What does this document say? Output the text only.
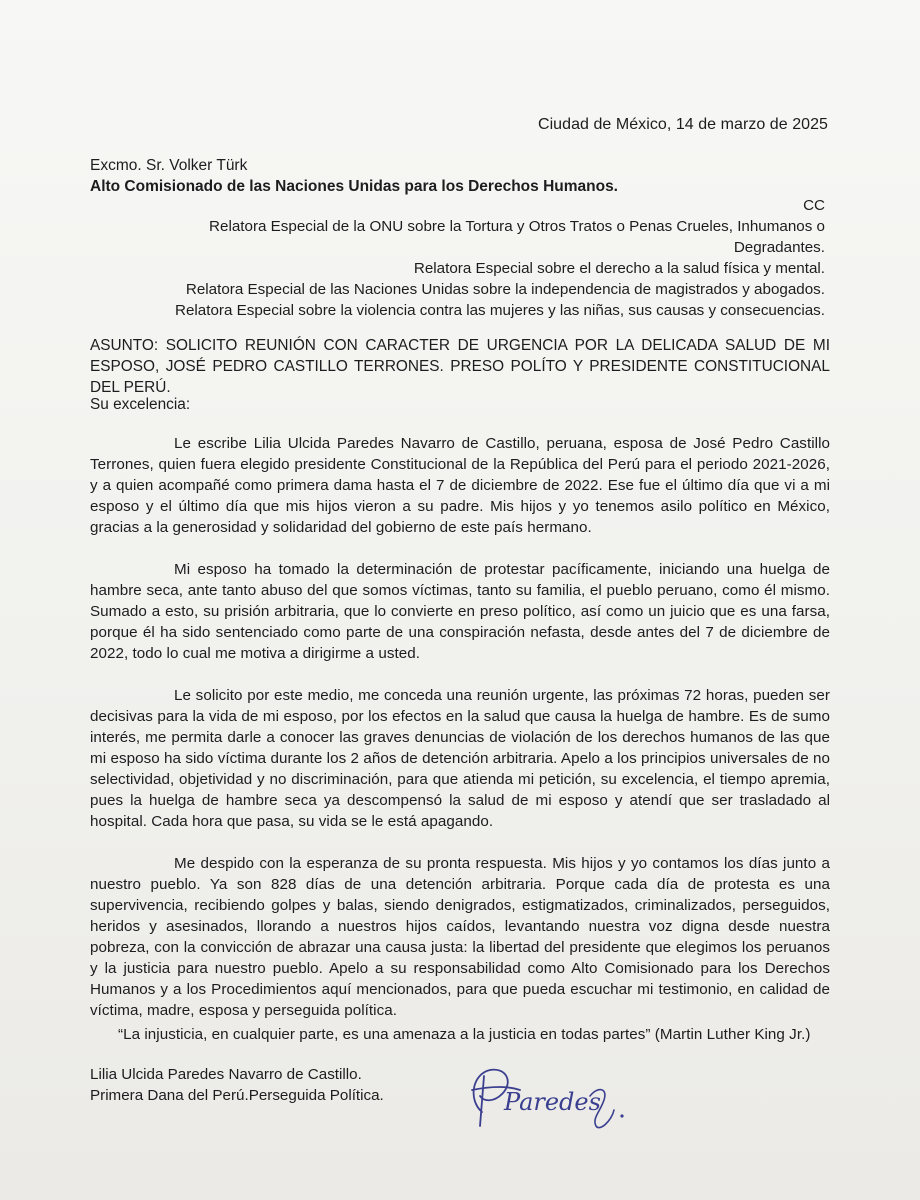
Ciudad de México, 14 de marzo de 2025
Excmo. Sr. Volker Türk
Alto Comisionado de las Naciones Unidas para los Derechos Humanos.
CC
Relatora Especial de la ONU sobre la Tortura y Otros Tratos o Penas Crueles, Inhumanos o
Degradantes.
Relatora Especial sobre el derecho a la salud física y mental.
Relatora Especial de las Naciones Unidas sobre la independencia de magistrados y abogados.
Relatora Especial sobre la violencia contra las mujeres y las niñas, sus causas y consecuencias.
ASUNTO: SOLICITO REUNIÓN CON CARACTER DE URGENCIA POR LA DELICADA SALUD DE MI ESPOSO, JOSÉ PEDRO CASTILLO TERRONES. PRESO POLÍTO Y PRESIDENTE CONSTITUCIONAL DEL PERÚ.
Su excelencia:

Le escribe Lilia Ulcida Paredes Navarro de Castillo, peruana, esposa de José Pedro Castillo Terrones, quien fuera elegido presidente Constitucional de la República del Perú para el periodo 2021-2026, y a quien acompañé como primera dama hasta el 7 de diciembre de 2022. Ese fue el último día que vi a mi esposo y el último día que mis hijos vieron a su padre. Mis hijos y yo tenemos asilo político en México, gracias a la generosidad y solidaridad del gobierno de este país hermano.

Mi esposo ha tomado la determinación de protestar pacíficamente, iniciando una huelga de hambre seca, ante tanto abuso del que somos víctimas, tanto su familia, el pueblo peruano, como él mismo. Sumado a esto, su prisión arbitraria, que lo convierte en preso político, así como un juicio que es una farsa, porque él ha sido sentenciado como parte de una conspiración nefasta, desde antes del 7 de diciembre de 2022, todo lo cual me motiva a dirigirme a usted.

Le solicito por este medio, me conceda una reunión urgente, las próximas 72 horas, pueden ser decisivas para la vida de mi esposo, por los efectos en la salud que causa la huelga de hambre. Es de sumo interés, me permita darle a conocer las graves denuncias de violación de los derechos humanos de las que mi esposo ha sido víctima durante los 2 años de detención arbitraria. Apelo a los principios universales de no selectividad, objetividad y no discriminación, para que atienda mi petición, su excelencia, el tiempo apremia, pues la huelga de hambre seca ya descompensó la salud de mi esposo y atendí que ser trasladado al hospital. Cada hora que pasa, su vida se le está apagando.

Me despido con la esperanza de su pronta respuesta. Mis hijos y yo contamos los días junto a nuestro pueblo. Ya son 828 días de una detención arbitraria. Porque cada día de protesta es una supervivencia, recibiendo golpes y balas, siendo denigrados, estigmatizados, criminalizados, perseguidos, heridos y asesinados, llorando a nuestros hijos caídos, levantando nuestra voz digna desde nuestra pobreza, con la convicción de abrazar una causa justa: la libertad del presidente que elegimos los peruanos y la justicia para nuestro pueblo. Apelo a su responsabilidad como Alto Comisionado para los Derechos Humanos y a los Procedimientos aquí mencionados, para que pueda escuchar mi testimonio, en calidad de víctima, madre, esposa y perseguida política.

“La injusticia, en cualquier parte, es una amenaza a la justicia en todas partes” (Martin Luther King Jr.)
Lilia Ulcida Paredes Navarro de Castillo.
Primera Dana del Perú.Perseguida Política.	Paredes
